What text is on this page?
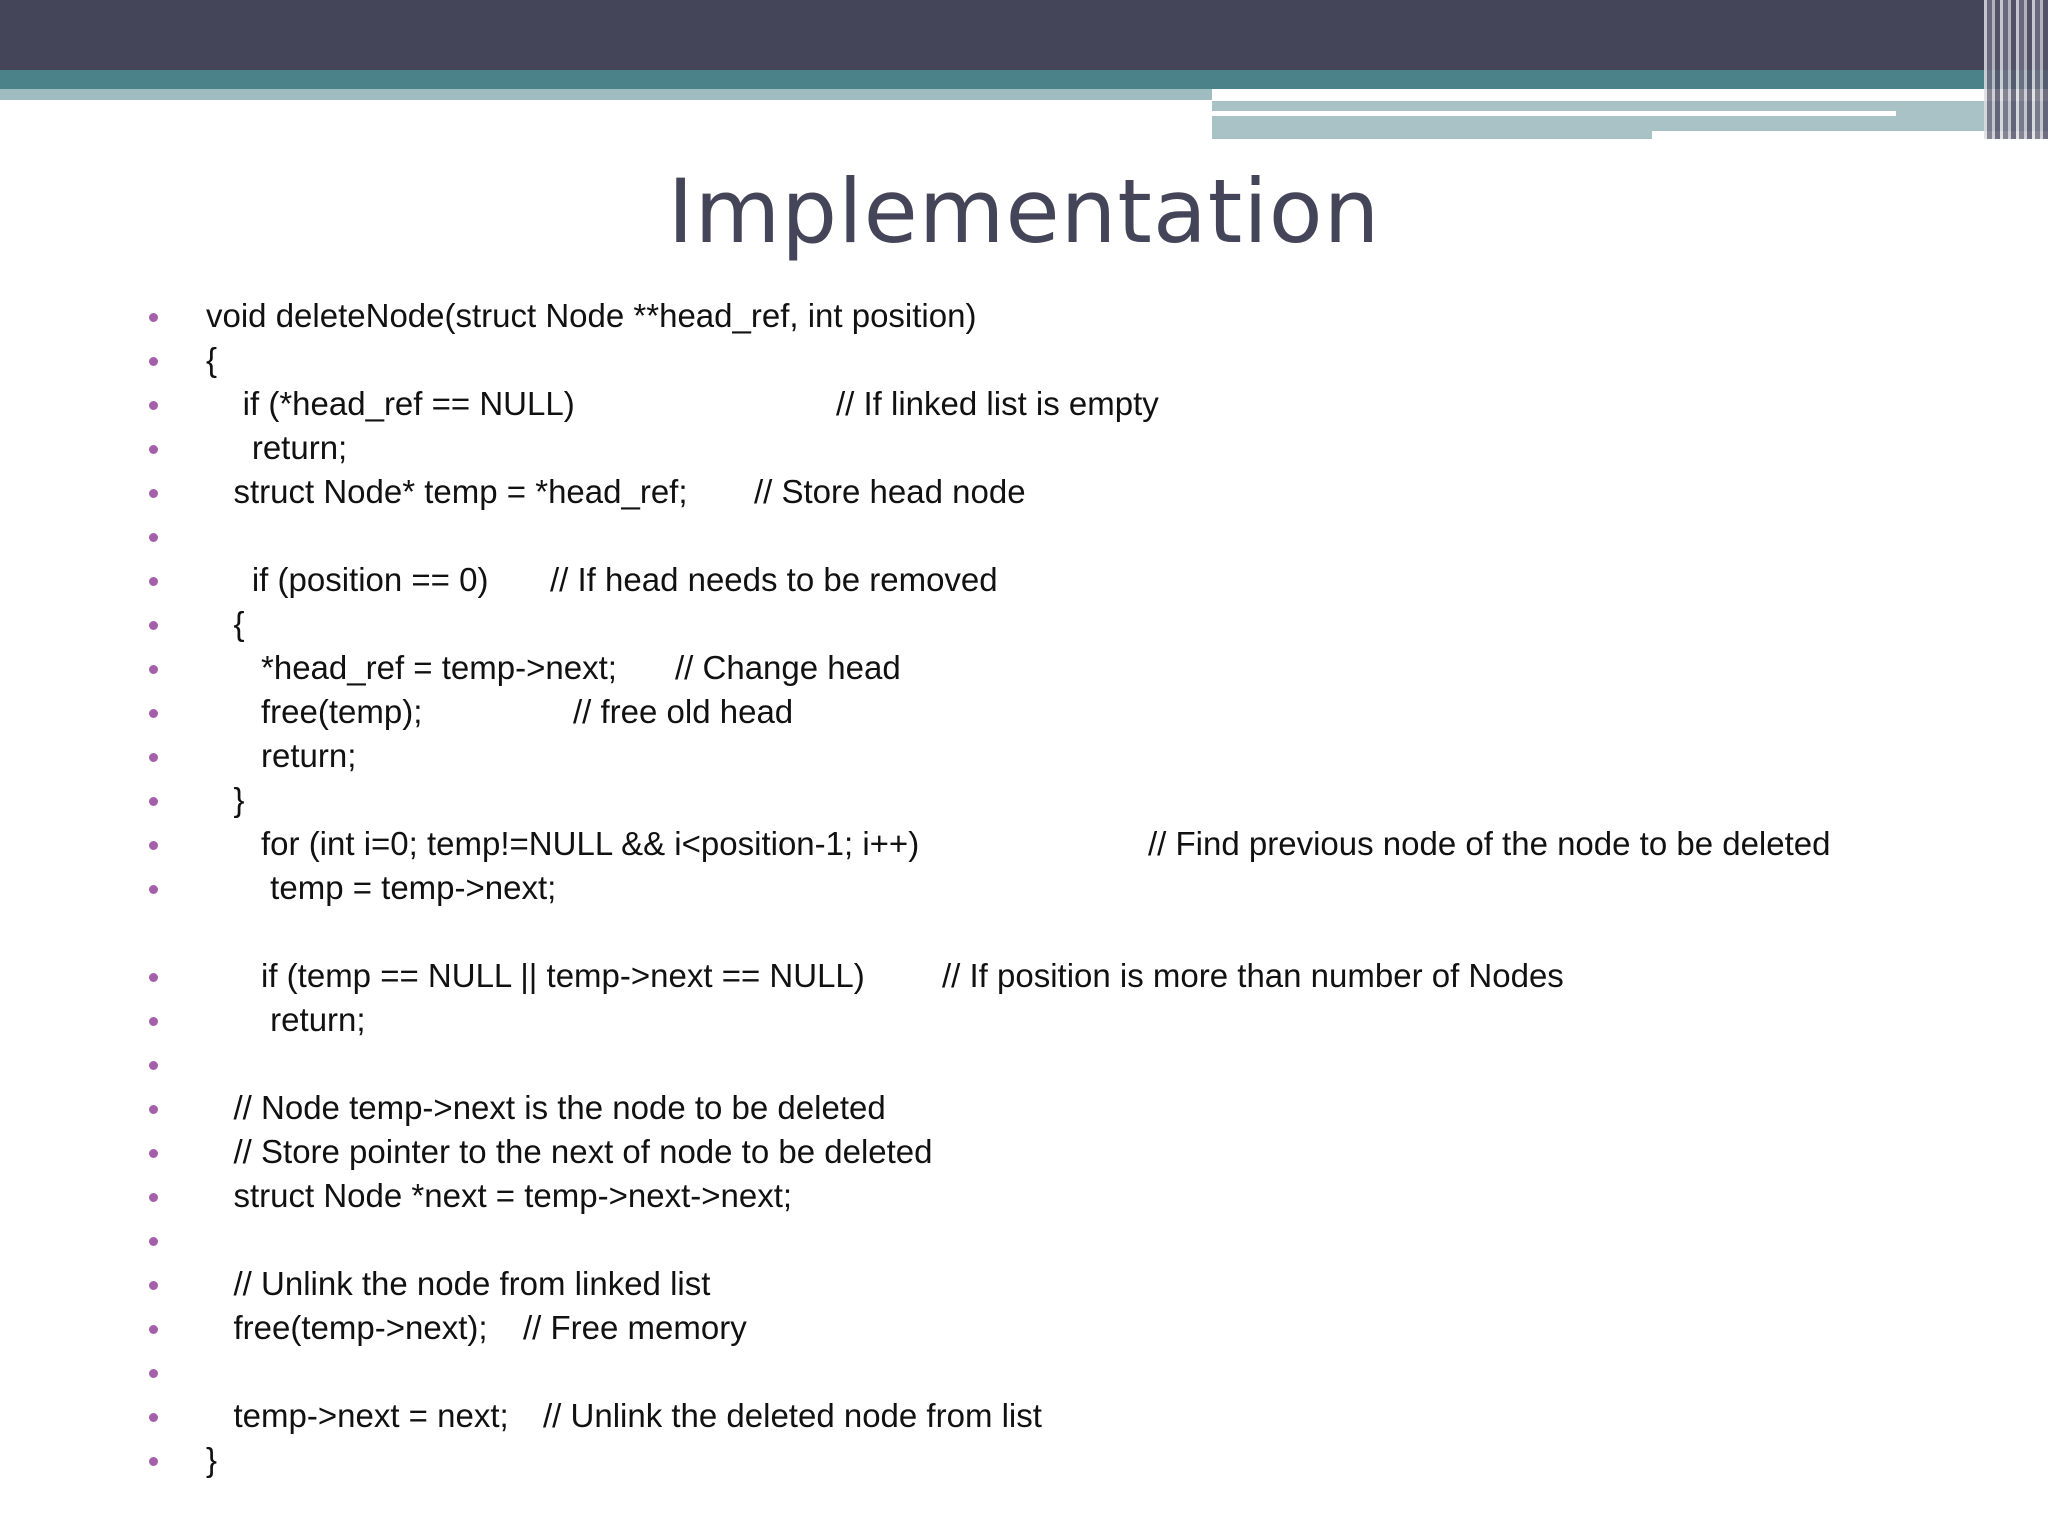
Implementation
void deleteNode(struct Node **head_ref, int position)
{
if (*head_ref == NULL)	// If linked list is empty
return;
struct Node* temp = *head_ref; // Store head node
if (position == 0) // If head needs to be removed
{
*head_ref = temp->next; // Change head
free(temp);	// free old head
return;
}
for (int i=0; temp!=NULL && i<position-1; i++)	// Find previous node of the node to be deleted
temp = temp->next;
if (temp == NULL || temp->next == NULL) // If position is more than number of Nodes
return;
// Node temp->next is the node to be deleted
// Store pointer to the next of node to be deleted
struct Node *next = temp->next->next;
// Unlink the node from linked list
free(temp->next); // Free memory
temp->next = next; // Unlink the deleted node from list
}
